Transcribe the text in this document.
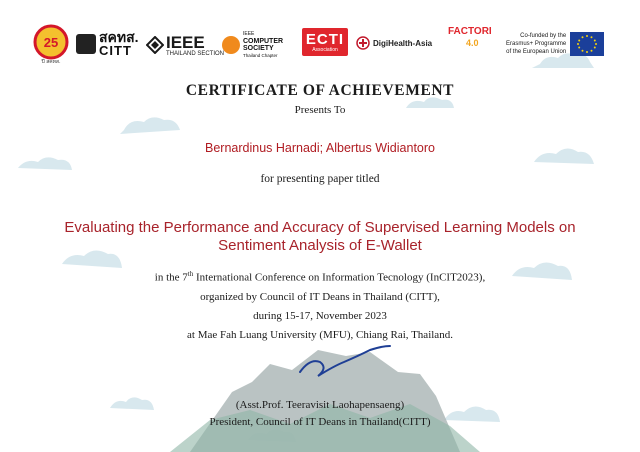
25
ปี สคทส.
สคทส.
CITT	IEEE
THAILAND SECTION
IEEE
COMPUTER
SOCIETY
Thailand Chapter
ECTI
Association
DigiHealth-Asia
FACTORI
4.0
Co-funded by the
Erasmus+ Programme
of the European Union
CERTIFICATE OF ACHIEVEMENT
Presents To
Bernardinus Harnadi; Albertus Widiantoro
for presenting paper titled
Evaluating the Performance and Accuracy of Supervised Learning Models on
Sentiment Analysis of E-Wallet
in the 7th International Conference on Information Tecnology (InCIT2023),
organized by Council of IT Deans in Thailand (CITT),
during 15-17, November 2023
at Mae Fah Luang University (MFU), Chiang Rai, Thailand.
(Asst.Prof. Teeravisit Laohapensaeng)
President, Council of IT Deans in Thailand(CITT)
